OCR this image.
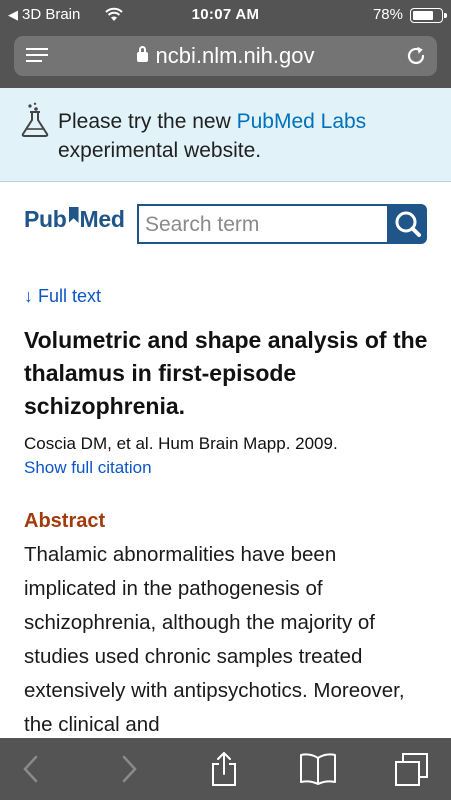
◀ 3D Brain	10:07 AM	78%
ncbi.nlm.nih.gov
Please try the new PubMed Labs experimental website.
Pub Med
Search term
↓ Full text
Volumetric and shape analysis of the thalamus in first-episode schizophrenia.
Coscia DM, et al. Hum Brain Mapp. 2009.
Show full citation
Abstract
Thalamic abnormalities have been implicated in the pathogenesis of schizophrenia, although the majority of studies used chronic samples treated extensively with antipsychotics. Moreover, the clinical and
